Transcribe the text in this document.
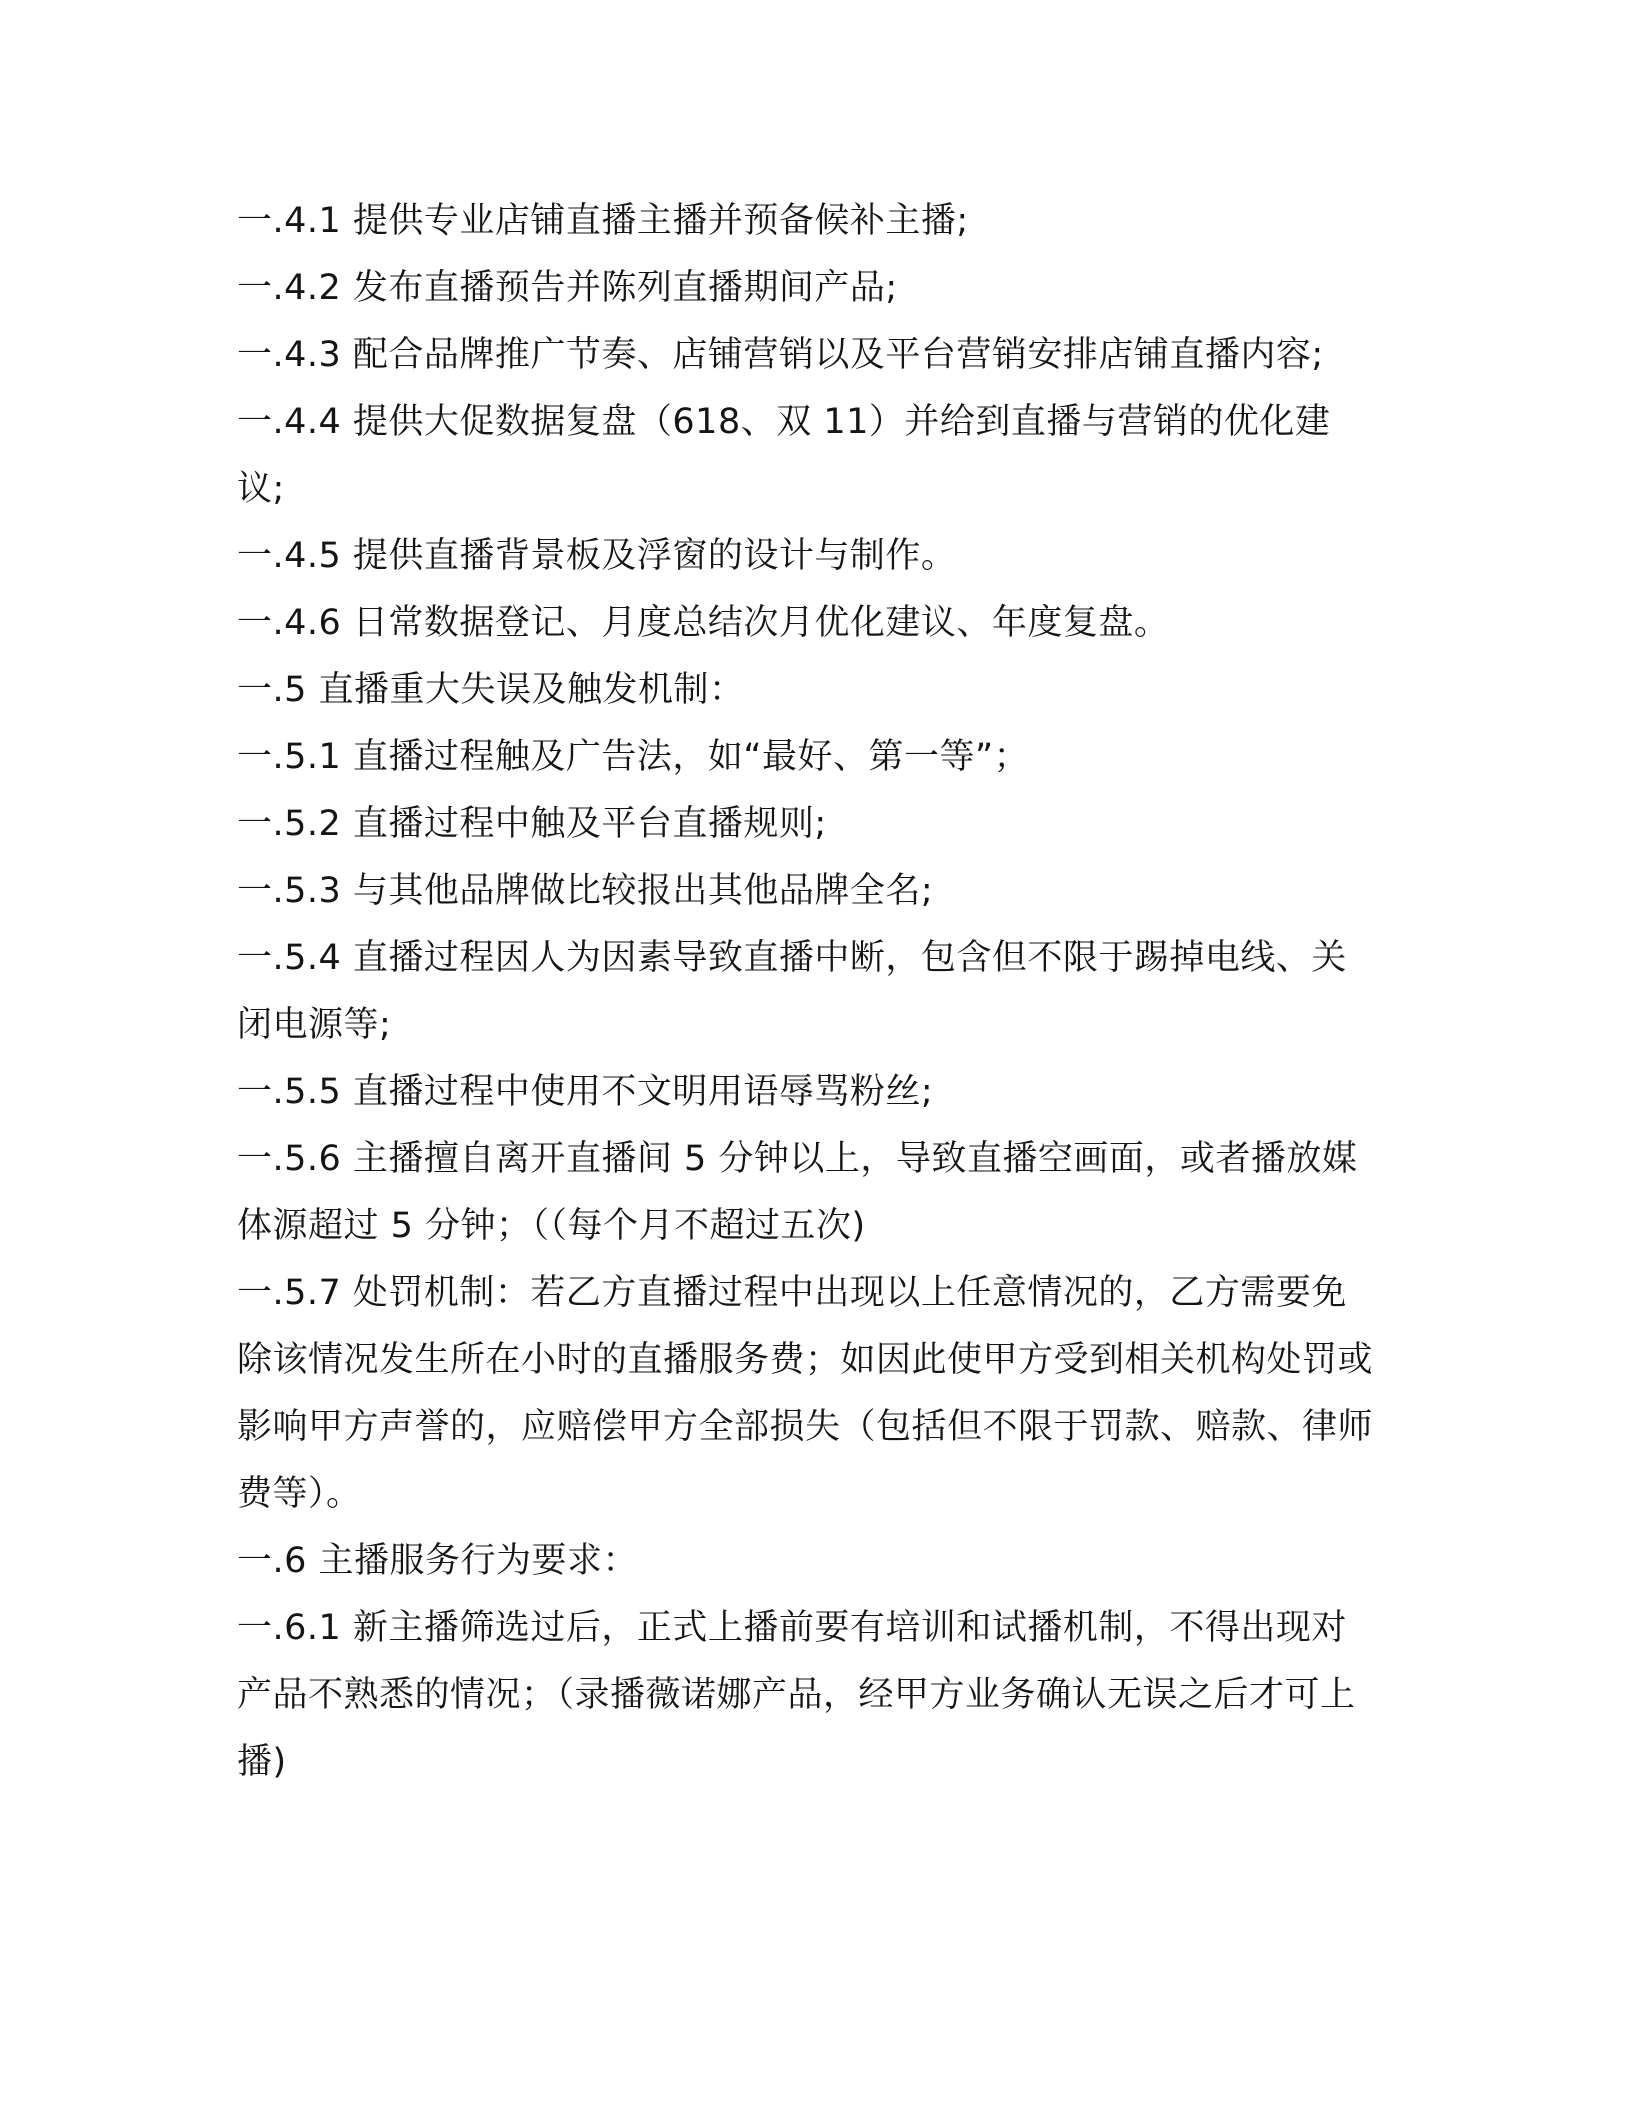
一.4.1 提供专业店铺直播主播并预备候补主播;

一.4.2 发布直播预告并陈列直播期间产品;

一.4.3 配合品牌推广节奏、店铺营销以及平台营销安排店铺直播内容;

一.4.4 提供大促数据复盘（618、双 11）并给到直播与营销的优化建议;

一.4.5 提供直播背景板及浮窗的设计与制作。

一.4.6 日常数据登记、月度总结次月优化建议、年度复盘。

一.5 直播重大失误及触发机制：

一.5.1 直播过程触及广告法，如“最好、第一等”；

一.5.2 直播过程中触及平台直播规则;

一.5.3 与其他品牌做比较报出其他品牌全名;

一.5.4 直播过程因人为因素导致直播中断，包含但不限于踢掉电线、关闭电源等;

一.5.5 直播过程中使用不文明用语辱骂粉丝;

一.5.6 主播擅自离开直播间 5 分钟以上，导致直播空画面，或者播放媒体源超过 5 分钟；（（每个月不超过五次)

一.5.7 处罚机制：若乙方直播过程中出现以上任意情况的，乙方需要免除该情况发生所在小时的直播服务费；如因此使甲方受到相关机构处罚或影响甲方声誉的，应赔偿甲方全部损失（包括但不限于罚款、赔款、律师费等）。

一.6 主播服务行为要求：

一.6.1 新主播筛选过后，正式上播前要有培训和试播机制，不得出现对产品不熟悉的情况；（录播薇诺娜产品，经甲方业务确认无误之后才可上播)
